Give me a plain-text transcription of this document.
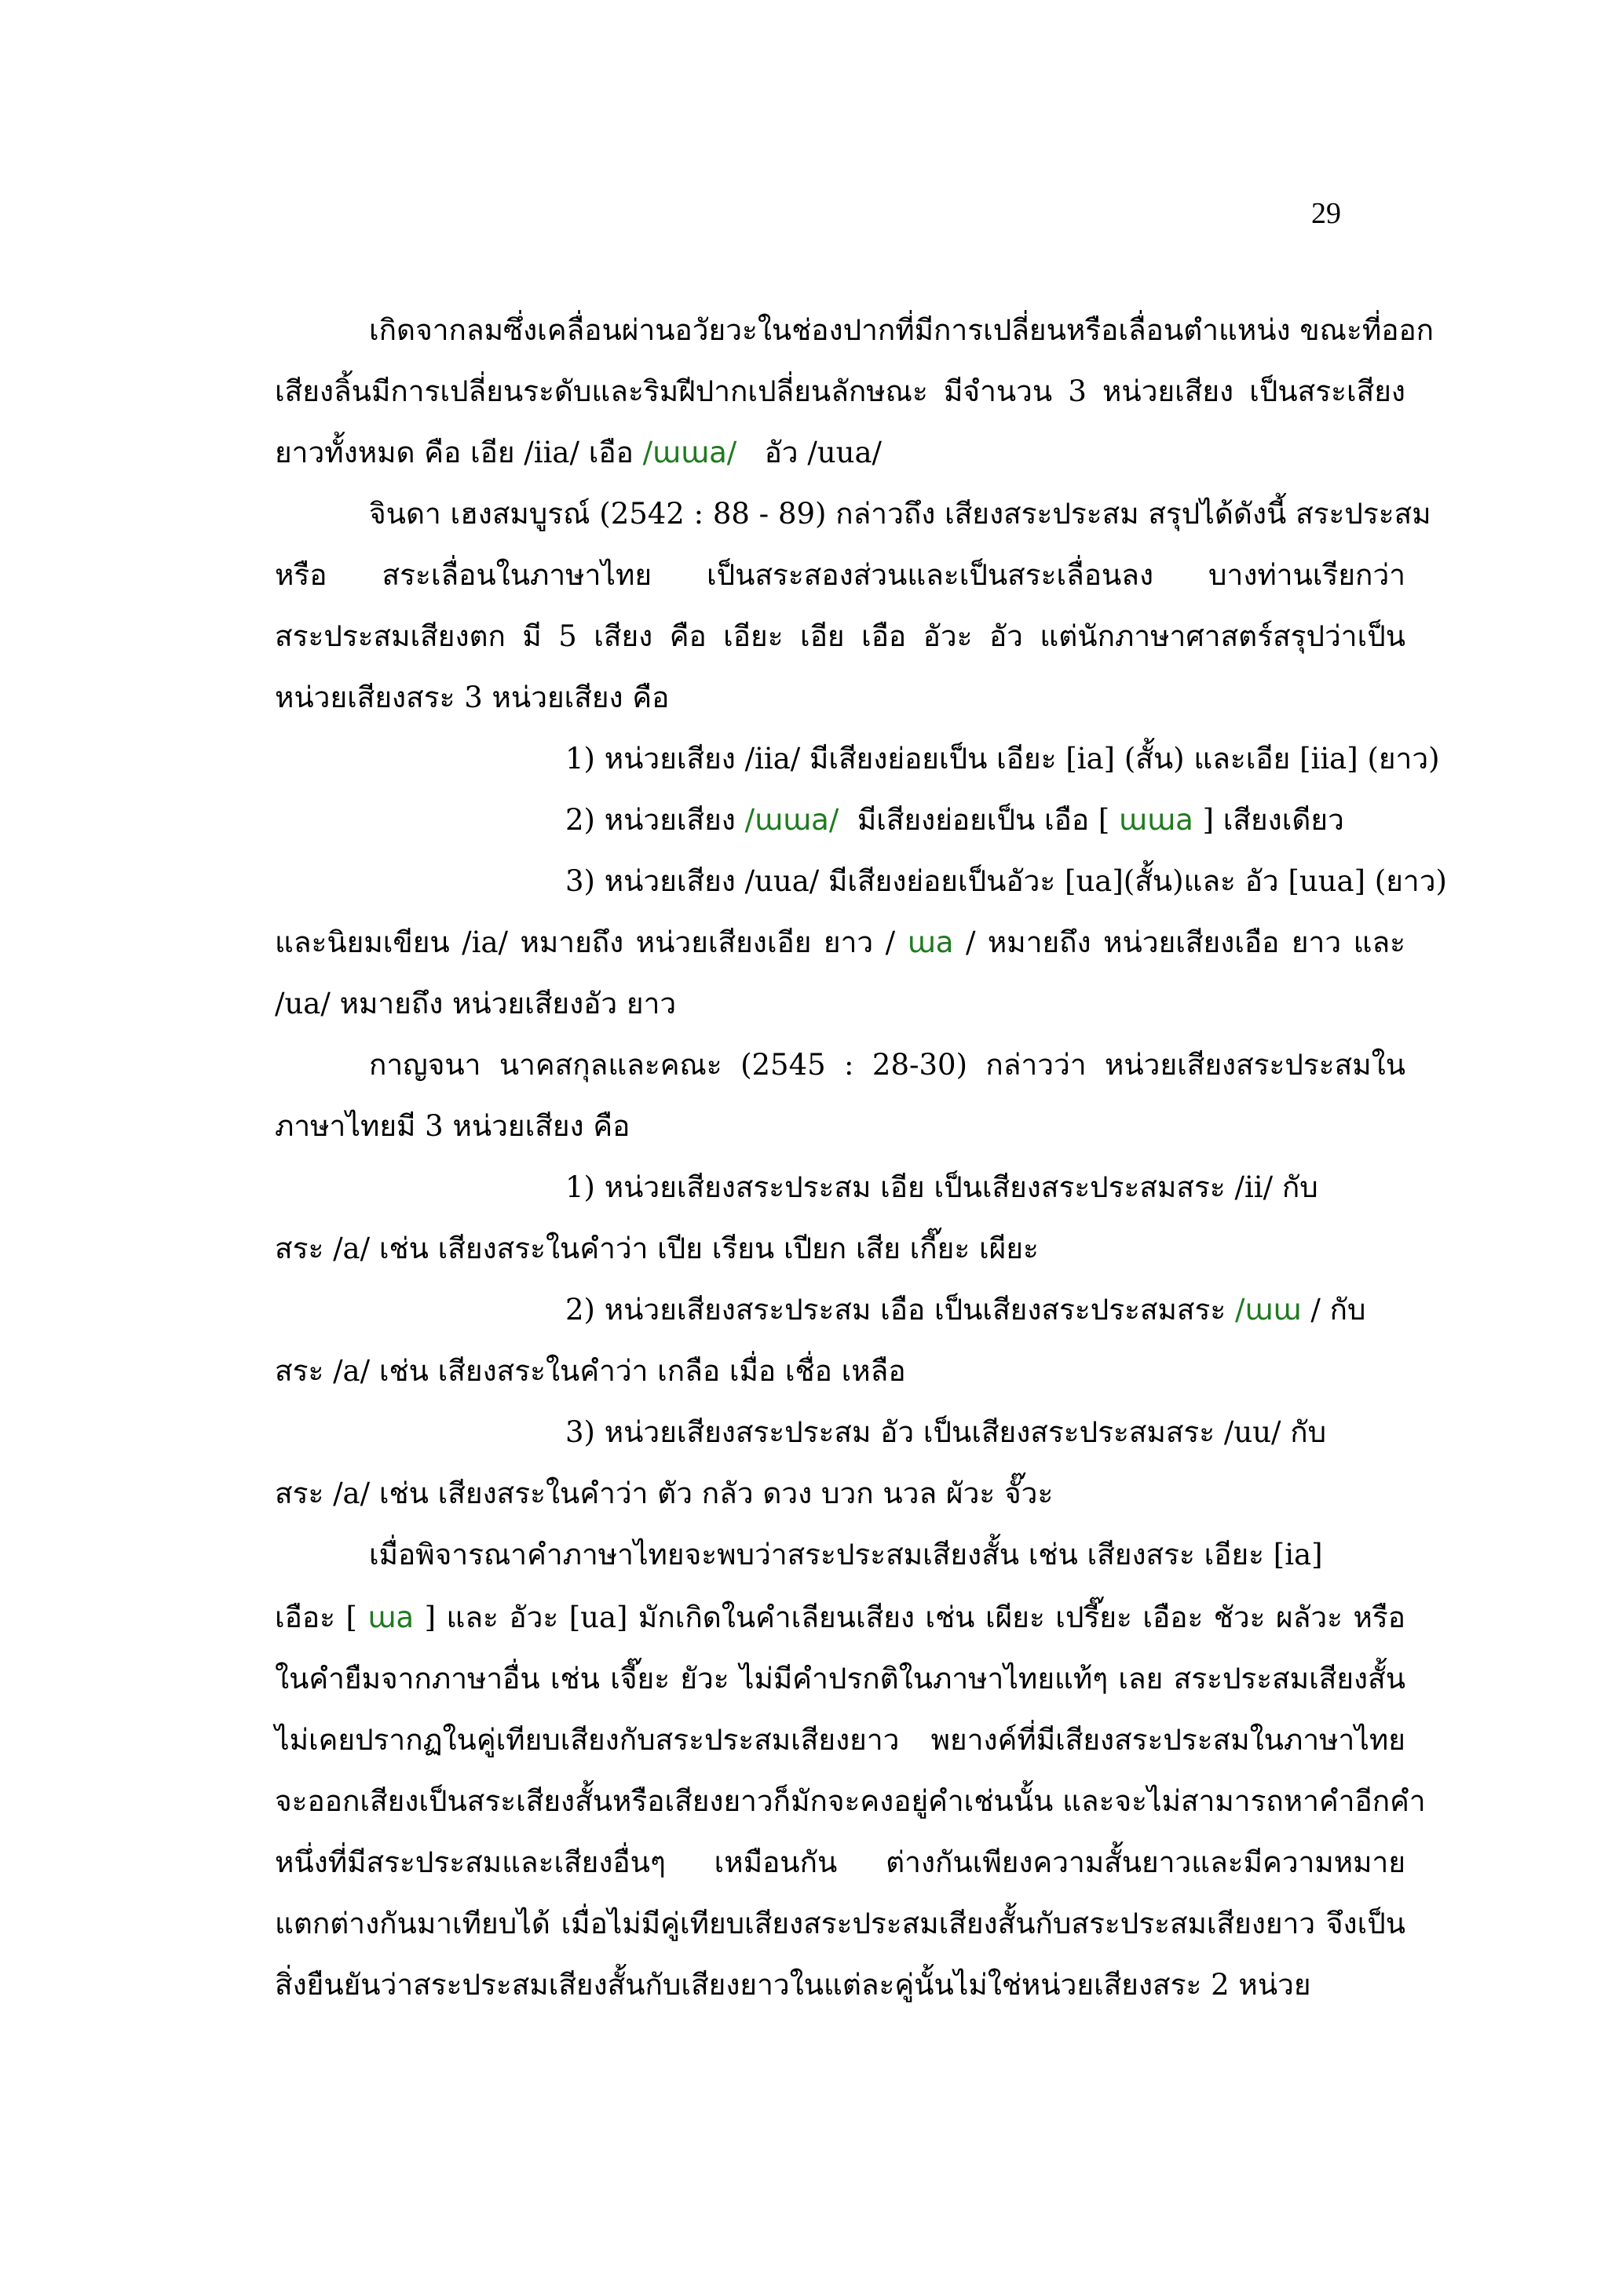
29
เกิดจากลมซึ่งเคลื่อนผ่านอวัยวะในช่องปากที่มีการเปลี่ยนหรือเลื่อนตำแหน่ง ขณะที่ออก
เสียงลิ้นมีการเปลี่ยนระดับและริมฝีปากเปลี่ยนลักษณะ มีจำนวน 3 หน่วยเสียง เป็นสระเสียง
ยาวทั้งหมด คือ เอีย /iia/ เอือ /ɯɯa/ อัว /uua/
จินดา เฮงสมบูรณ์ (2542 : 88 - 89) กล่าวถึง เสียงสระประสม สรุปได้ดังนี้ สระประสม
หรือ สระเลื่อนในภาษาไทย เป็นสระสองส่วนและเป็นสระเลื่อนลง บางท่านเรียกว่า
สระประสมเสียงตก มี 5 เสียง คือ เอียะ เอีย เอือ อัวะ อัว แต่นักภาษาศาสตร์สรุปว่าเป็น
หน่วยเสียงสระ 3 หน่วยเสียง คือ
1) หน่วยเสียง /iia/ มีเสียงย่อยเป็น เอียะ [ia] (สั้น) และเอีย [iia] (ยาว)
2) หน่วยเสียง /ɯɯa/ มีเสียงย่อยเป็น เอือ [ ɯɯa ] เสียงเดียว
3) หน่วยเสียง /uua/ มีเสียงย่อยเป็นอัวะ [ua](สั้น)และ อัว [uua] (ยาว)
และนิยมเขียน /ia/ หมายถึง หน่วยเสียงเอีย ยาว / ɯa / หมายถึง หน่วยเสียงเอือ ยาว และ
/ua/ หมายถึง หน่วยเสียงอัว ยาว
กาญจนา นาคสกุลและคณะ (2545 : 28-30) กล่าวว่า หน่วยเสียงสระประสมใน
ภาษาไทยมี 3 หน่วยเสียง คือ
1) หน่วยเสียงสระประสม เอีย เป็นเสียงสระประสมสระ /ii/ กับ
สระ /a/ เช่น เสียงสระในคำว่า เปีย เรียน เปียก เสีย เกี๊ยะ เผียะ
2) หน่วยเสียงสระประสม เอือ เป็นเสียงสระประสมสระ /ɯɯ / กับ
สระ /a/ เช่น เสียงสระในคำว่า เกลือ เมื่อ เชื่อ เหลือ
3) หน่วยเสียงสระประสม อัว เป็นเสียงสระประสมสระ /uu/ กับ
สระ /a/ เช่น เสียงสระในคำว่า ตัว กลัว ดวง บวก นวล ผัวะ จั๊วะ
เมื่อพิจารณาคำภาษาไทยจะพบว่าสระประสมเสียงสั้น เช่น เสียงสระ เอียะ [ia]
เอือะ [ ɯa ] และ อัวะ [ua] มักเกิดในคำเลียนเสียง เช่น เผียะ เปรี๊ยะ เอือะ ชัวะ ผลัวะ หรือ
ในคำยืมจากภาษาอื่น เช่น เจี๊ยะ ยัวะ ไม่มีคำปรกติในภาษาไทยแท้ๆ เลย สระประสมเสียงสั้น
ไม่เคยปรากฏในคู่เทียบเสียงกับสระประสมเสียงยาว พยางค์ที่มีเสียงสระประสมในภาษาไทย
จะออกเสียงเป็นสระเสียงสั้นหรือเสียงยาวก็มักจะคงอยู่คำเช่นนั้น และจะไม่สามารถหาคำอีกคำ
หนึ่งที่มีสระประสมและเสียงอื่นๆ เหมือนกัน ต่างกันเพียงความสั้นยาวและมีความหมาย
แตกต่างกันมาเทียบได้ เมื่อไม่มีคู่เทียบเสียงสระประสมเสียงสั้นกับสระประสมเสียงยาว จึงเป็น
สิ่งยืนยันว่าสระประสมเสียงสั้นกับเสียงยาวในแต่ละคู่นั้นไม่ใช่หน่วยเสียงสระ 2 หน่วย
